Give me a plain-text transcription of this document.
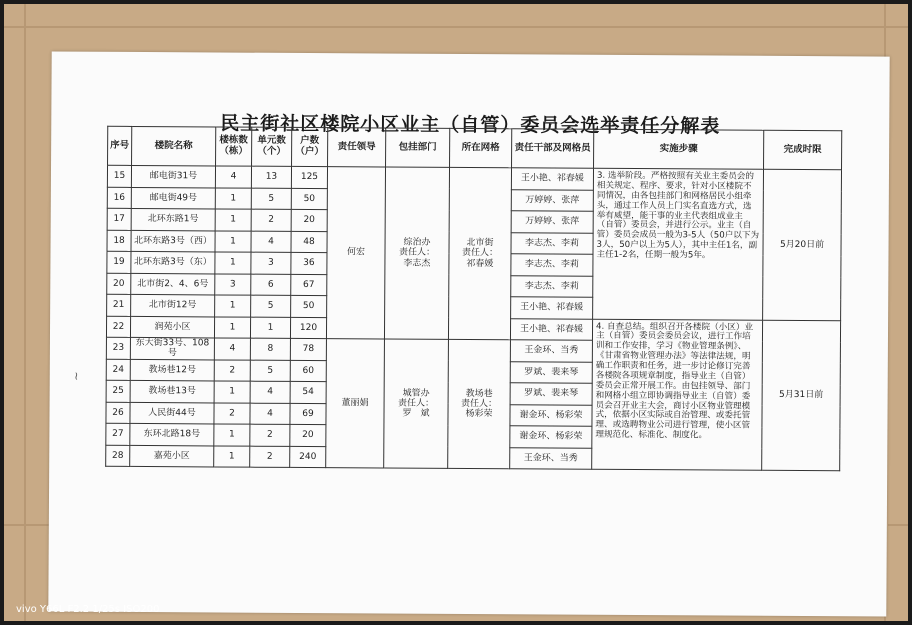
民主街社区楼院小区业主（自管）委员会选举责任分解表
~
序号	楼院名称	楼栋数（栋）	单元数（个）	户数（户）	责任领导	包挂部门	所在网格	责任干部及网格员	实施步骤	完成时限
15	邮电街31号	4	13	125	何宏	综治办
责任人：
李志杰	北市街
责任人：
祁春媛	王小艳、祁春媛	3. 选举阶段。严格按照有关业主委员会的相关规定、程序、要求，针对小区楼院不同情况，由各包挂部门和网格居民小组牵头，通过工作人员上门实名直选方式，选举有威望，能干事的业主代表组成业主（自管）委员会，并进行公示。业主（自管）委员会成员一般为3-5人（50户以下为3人，50户以上为5人），其中主任1名，副主任1-2名，任期一般为5年。	5月20日前
16	邮电街49号	1	5	50				万婷婷、张萍		
17	北环东路1号	1	2	20				万婷婷、张萍		
18	北环东路3号（西）	1	4	48				李志杰、李莉		
19	北环东路3号（东）	1	3	36				李志杰、李莉		
20	北市街2、4、6号	3	6	67				李志杰、李莉		
21	北市街12号	1	5	50				王小艳、祁春媛		
22	润苑小区	1	1	120				王小艳、祁春媛	4. 自查总结。组织召开各楼院（小区）业主（自管）委员会委员会议，进行工作培训和工作安排，学习《物业管理条例》、《甘肃省物业管理办法》等法律法规，明确工作职责和任务，进一步讨论修订完善各楼院各项规章制度，指导业主（自管）委员会正常开展工作。由包挂领导、部门和网格小组立即协调指导业主（自管）委员会召开业主大会，商讨小区物业管理模式，依据小区实际或自治管理、或委托管理、或选聘物业公司进行管理，使小区管理规范化、标准化、制度化。	5月31日前
23	东大街33号、108号	4	8	78	董丽娟	城管办
责任人：
罗　斌	教场巷
责任人：
杨彩荣	王金环、当秀		
24	教场巷12号	2	5	60				罗斌、裴来琴		
25	教场巷13号	1	4	54				罗斌、裴来琴		
26	人民街44号	2	4	69				谢金环、杨彩荣		
27	东环北路18号	1	2	20				谢金环、杨彩荣		
28	嘉苑小区	1	2	240				王金环、当秀		
vivo Y66L F2.2 1/25s ISO200
